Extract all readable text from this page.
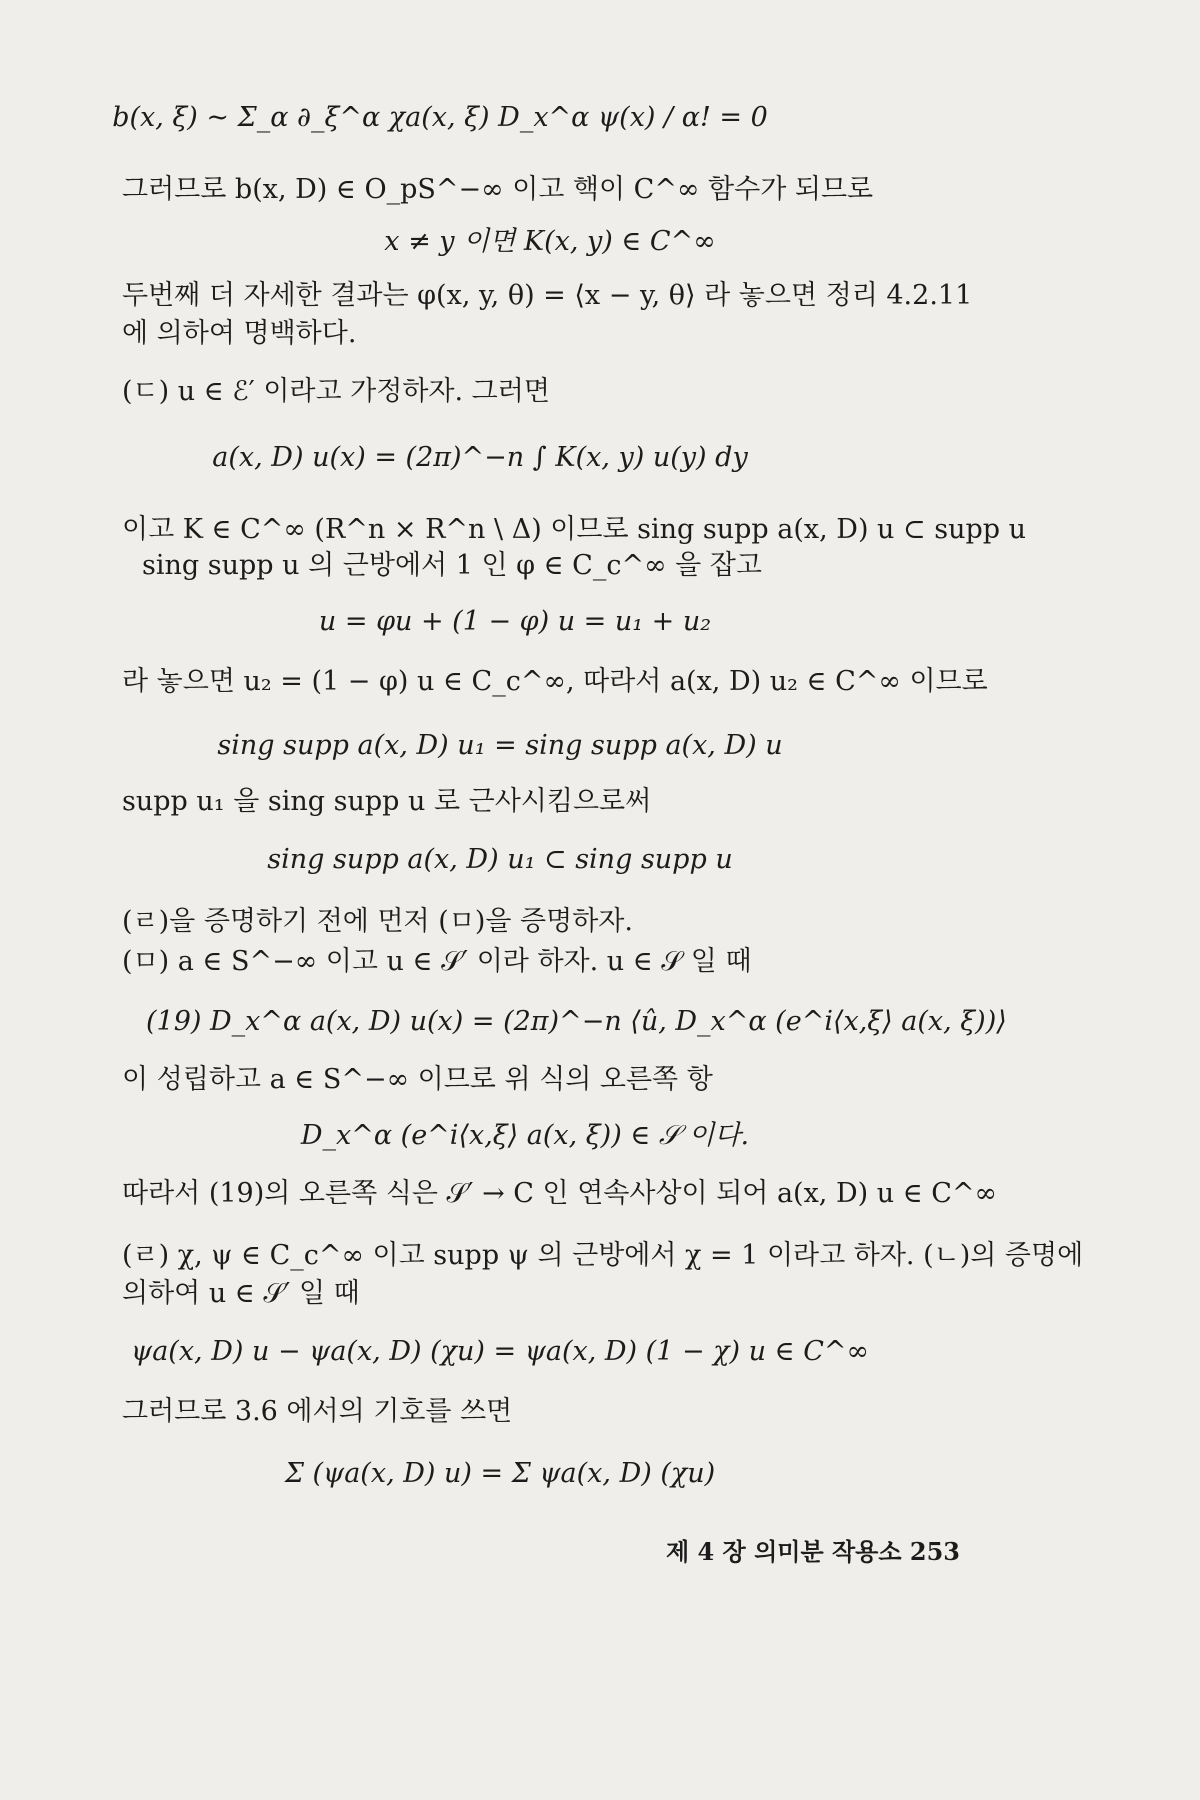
b(x, ξ) ~ Σ_α ∂_ξ^α χa(x, ξ) D_x^α ψ(x) / α! = 0
그러므로 b(x, D) ∈ O_pS^−∞ 이고 핵이 C^∞ 함수가 되므로
x ≠ y 이면 K(x, y) ∈ C^∞
두번째 더 자세한 결과는 φ(x, y, θ) = ⟨x − y, θ⟩ 라 놓으면 정리 4.2.11
에 의하여 명백하다.
(ㄷ) u ∈ ℰ′ 이라고 가정하자. 그러면
a(x, D) u(x) = (2π)^−n ∫ K(x, y) u(y) dy
이고 K ∈ C^∞ (R^n × R^n \ Δ) 이므로 sing supp a(x, D) u ⊂ supp u
sing supp u 의 근방에서 1 인 φ ∈ C_c^∞ 을 잡고
u = φu + (1 − φ) u = u₁ + u₂
라 놓으면 u₂ = (1 − φ) u ∈ C_c^∞, 따라서 a(x, D) u₂ ∈ C^∞ 이므로
sing supp a(x, D) u₁ = sing supp a(x, D) u
supp u₁ 을 sing supp u 로 근사시킴으로써
sing supp a(x, D) u₁ ⊂ sing supp u
(ㄹ)을 증명하기 전에 먼저 (ㅁ)을 증명하자.
(ㅁ) a ∈ S^−∞ 이고 u ∈ 𝒮′ 이라 하자. u ∈ 𝒮 일 때
(19) D_x^α a(x, D) u(x) = (2π)^−n ⟨û, D_x^α (e^i⟨x,ξ⟩ a(x, ξ))⟩
이 성립하고 a ∈ S^−∞ 이므로 위 식의 오른쪽 항
D_x^α (e^i⟨x,ξ⟩ a(x, ξ)) ∈ 𝒮 이다.
따라서 (19)의 오른쪽 식은 𝒮′ → C 인 연속사상이 되어 a(x, D) u ∈ C^∞
(ㄹ) χ, ψ ∈ C_c^∞ 이고 supp ψ 의 근방에서 χ = 1 이라고 하자. (ㄴ)의 증명에
의하여 u ∈ 𝒮′ 일 때
ψa(x, D) u − ψa(x, D) (χu) = ψa(x, D) (1 − χ) u ∈ C^∞
그러므로 3.6 에서의 기호를 쓰면
Σ (ψa(x, D) u) = Σ ψa(x, D) (χu)
제 4 장 의미분 작용소 253
